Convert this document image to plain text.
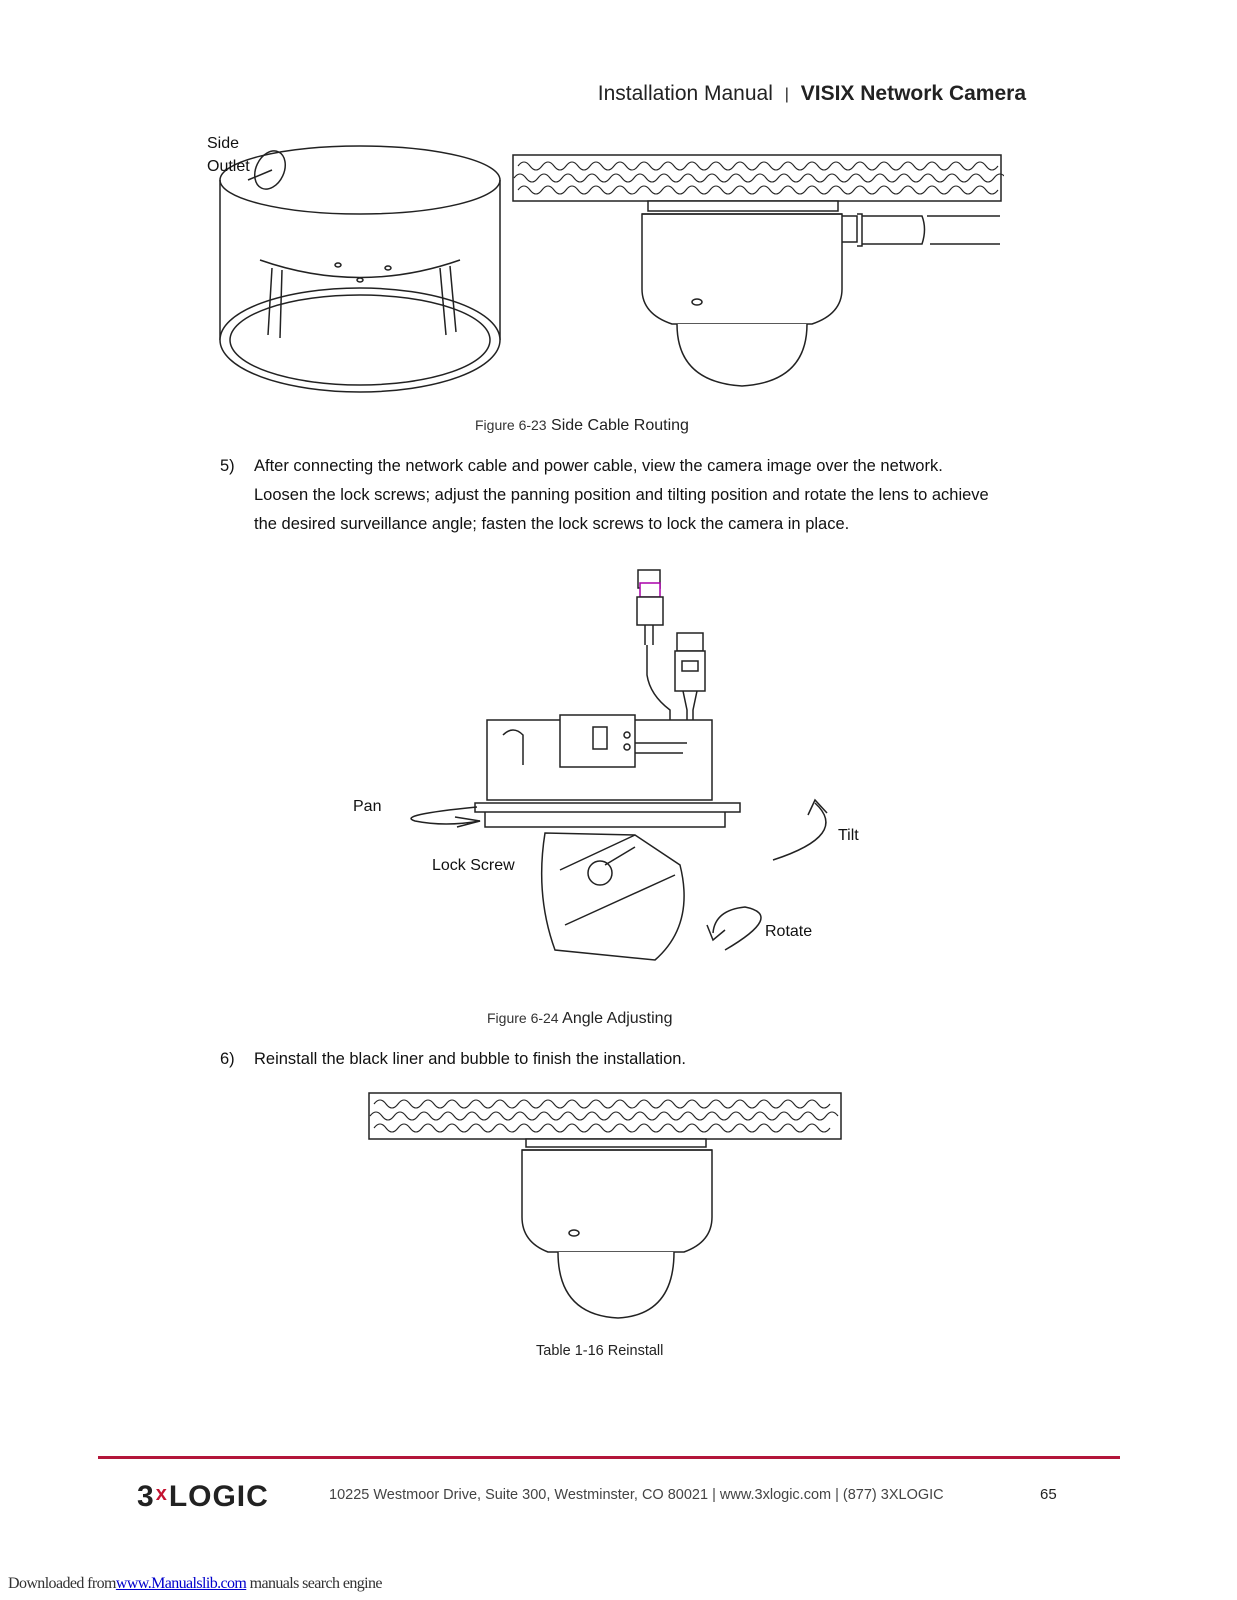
Installation Manual | VISIX Network Camera
Side
Outlet
Figure 6-23 Side Cable Routing
5) After connecting the network cable and power cable, view the camera image over the network.
Loosen the lock screws; adjust the panning position and tilting position and rotate the lens to achieve
the desired surveillance angle; fasten the lock screws to lock the camera in place.
Pan
Tilt
Lock Screw
Rotate
Figure 6-24 Angle Adjusting
6) Reinstall the black liner and bubble to finish the installation.
Table 1-16 Reinstall
3$^x$LOGIC	10225 Westmoor Drive, Suite 300, Westminster, CO 80021 | www.3xlogic.com | (877) 3XLOGIC	65
Downloaded fromwww.Manualslib.com manuals search engine
